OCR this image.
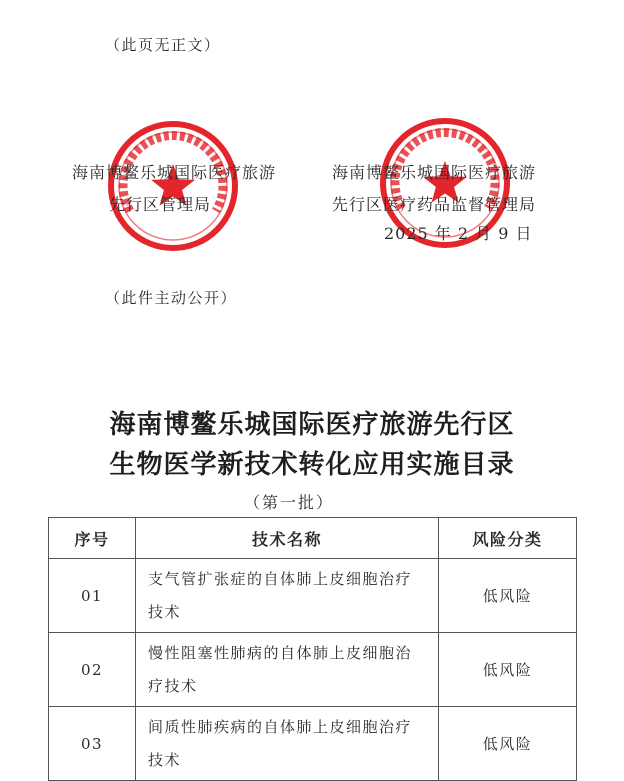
（此页无正文）
海南博鳌乐城国际医疗旅游
先行区管理局
海南博鳌乐城国际医疗旅游
先行区医疗药品监督管理局
2025 年 2 月 9 日
（此件主动公开）
海南博鳌乐城国际医疗旅游先行区
生物医学新技术转化应用实施目录
（第一批）
序号	技术名称	风险分类
01	支气管扩张症的自体肺上皮细胞治疗技术	低风险
02	慢性阻塞性肺病的自体肺上皮细胞治疗技术	低风险
03	间质性肺疾病的自体肺上皮细胞治疗技术	低风险
